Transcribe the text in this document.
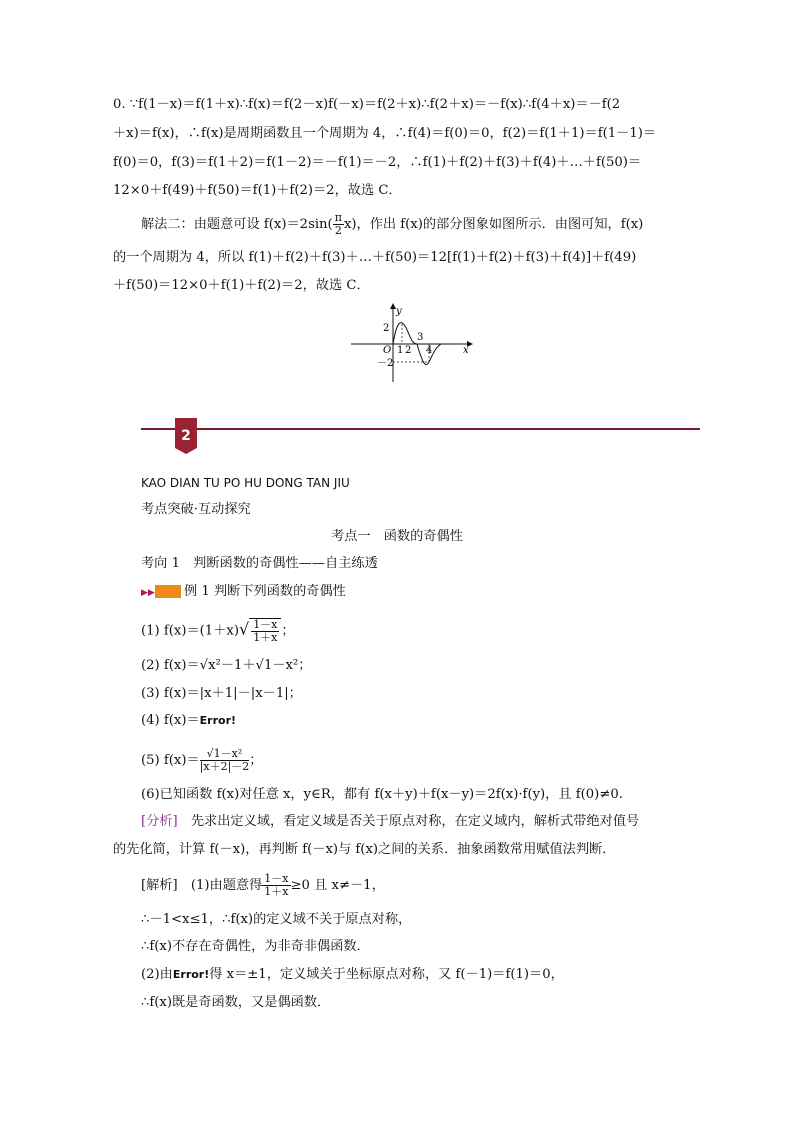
0. ∵f(1－x)＝f(1＋x)∴f(x)＝f(2－x)f(－x)＝f(2＋x)∴f(2＋x)＝－f(x)∴f(4＋x)＝－f(2
＋x)＝f(x)，∴f(x)是周期函数且一个周期为 4，∴f(4)＝f(0)＝0，f(2)＝f(1＋1)＝f(1－1)＝
f(0)＝0，f(3)＝f(1＋2)＝f(1－2)＝－f(1)＝－2，∴f(1)＋f(2)＋f(3)＋f(4)＋…＋f(50)＝
12×0＋f(49)＋f(50)＝f(1)＋f(2)＝2，故选 C．
解法二：由题意可设 $f(x)=2\sin( \frac{\pi}{2} x)$，作出 f(x)的部分图象如图所示．由图可知，f(x)
的一个周期为 4，所以 f(1)＋f(2)＋f(3)＋…＋f(50)＝12[f(1)＋f(2)＋f(3)＋f(4)]＋f(49)
＋f(50)＝12×0＋f(1)＋f(2)＝2，故选 C．
y
x
O
2
－2
1 2
3
4
2
KAO DIAN TU PO HU DONG TAN JIU
考点突破·互动探究
考点一　函数的奇偶性
考向 1　判断函数的奇偶性——自主练透
▶▶ 例 1 判断下列函数的奇偶性
(1) $f(x)=(1+x)√ \frac{1-x}{1+x}$ ；
(2) f(x)＝√x²－1＋√1－x²；
(3) f(x)＝|x＋1|－|x－1|；
(4) f(x)＝Error!
(5) $f(x)= \frac{\text{√1－x²}}{|x+2|-2}$ ；
(6)已知函数 f(x)对任意 x，y∈R，都有 f(x＋y)＋f(x－y)＝2f(x)·f(y)，且 f(0)≠0.
[分析]　先求出定义域，看定义域是否关于原点对称，在定义域内，解析式带绝对值号
的先化简，计算 f(－x)，再判断 f(－x)与 f(x)之间的关系．抽象函数常用赋值法判断．
[解析]　(1)由题意得 $\frac{1-x}{1+x} \ge 0$ 且 x≠－1，
∴－1<x≤1，∴f(x)的定义域不关于原点对称，
∴f(x)不存在奇偶性，为非奇非偶函数．
(2)由Error!得 x＝±1，定义域关于坐标原点对称，又 f(－1)＝f(1)＝0，
∴f(x)既是奇函数，又是偶函数．
